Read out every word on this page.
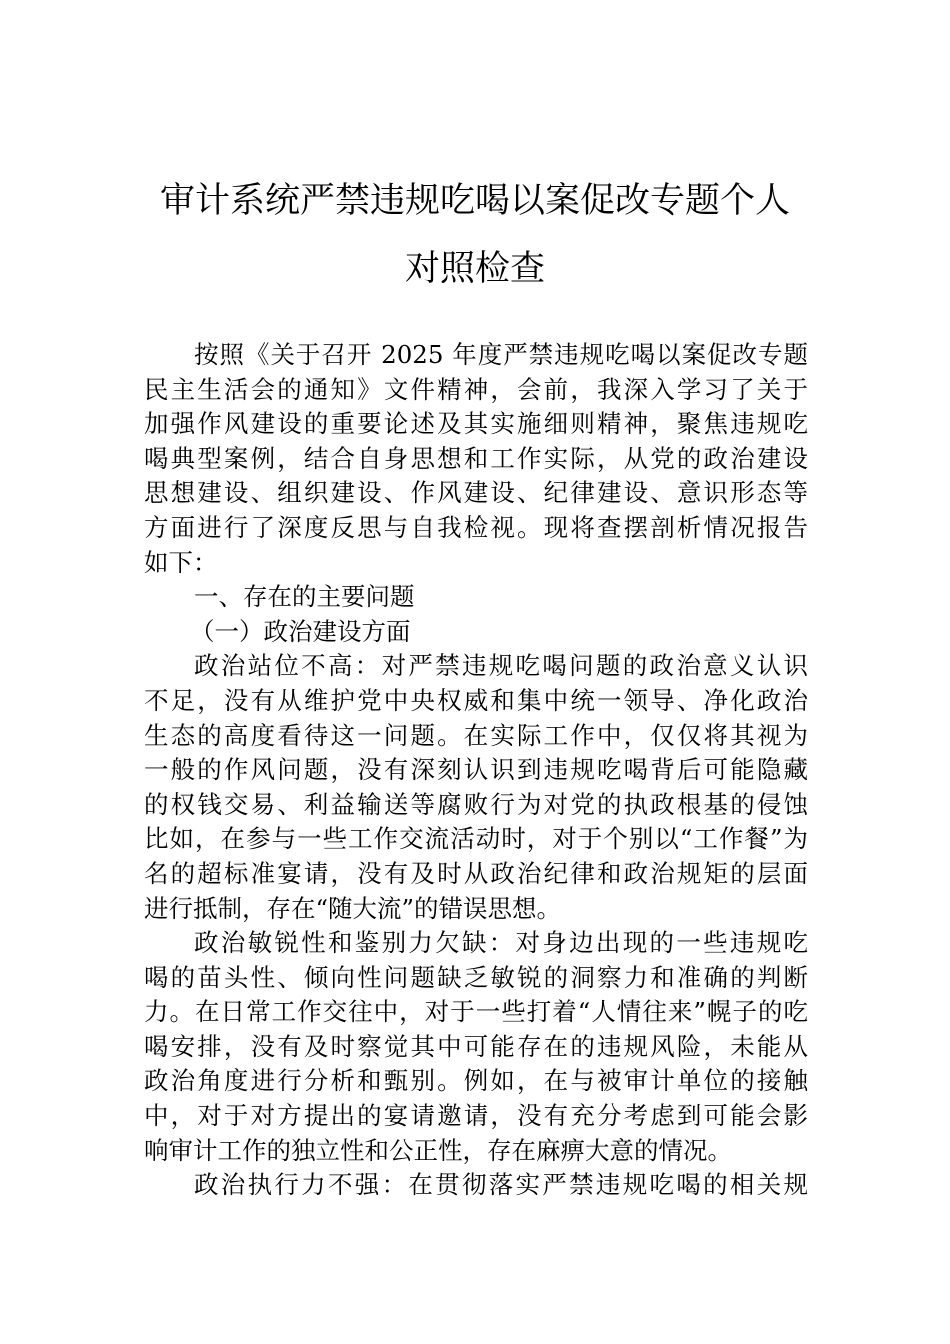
审计系统严禁违规吃喝以案促改专题个人
对照检查
按照《关于召开 2025 年度严禁违规吃喝以案促改专题
民主生活会的通知》文件精神，会前，我深入学习了关于
加强作风建设的重要论述及其实施细则精神，聚焦违规吃
喝典型案例，结合自身思想和工作实际，从党的政治建设
思想建设、组织建设、作风建设、纪律建设、意识形态等
方面进行了深度反思与自我检视。现将查摆剖析情况报告
如下：
一、存在的主要问题
（一）政治建设方面
政治站位不高：对严禁违规吃喝问题的政治意义认识
不足，没有从维护党中央权威和集中统一领导、净化政治
生态的高度看待这一问题。在实际工作中，仅仅将其视为
一般的作风问题，没有深刻认识到违规吃喝背后可能隐藏
的权钱交易、利益输送等腐败行为对党的执政根基的侵蚀
比如，在参与一些工作交流活动时，对于个别以“工作餐”为
名的超标准宴请，没有及时从政治纪律和政治规矩的层面
进行抵制，存在“随大流”的错误思想。
政治敏锐性和鉴别力欠缺：对身边出现的一些违规吃
喝的苗头性、倾向性问题缺乏敏锐的洞察力和准确的判断
力。在日常工作交往中，对于一些打着“人情往来”幌子的吃
喝安排，没有及时察觉其中可能存在的违规风险，未能从
政治角度进行分析和甄别。例如，在与被审计单位的接触
中，对于对方提出的宴请邀请，没有充分考虑到可能会影
响审计工作的独立性和公正性，存在麻痹大意的情况。
政治执行力不强：在贯彻落实严禁违规吃喝的相关规
